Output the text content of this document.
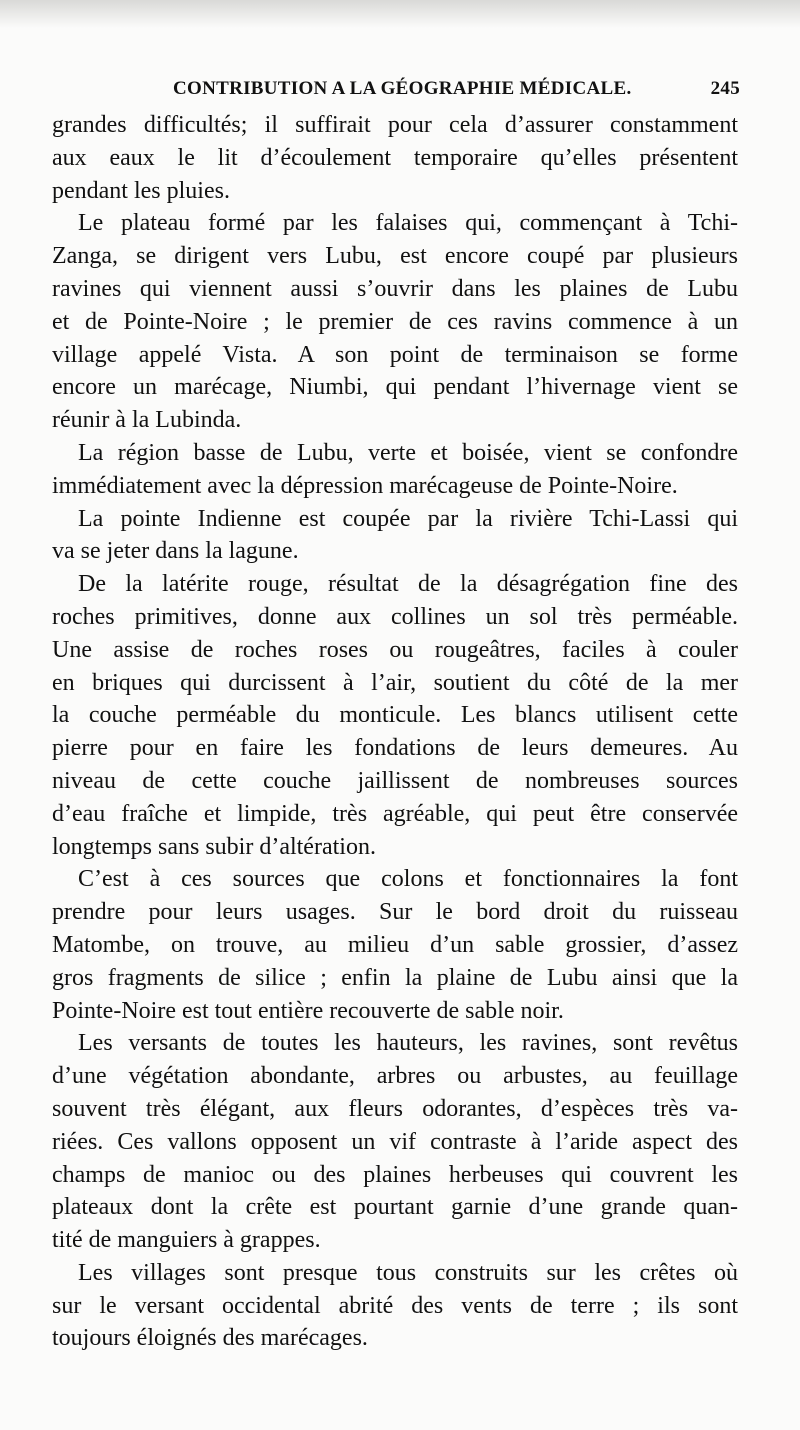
CONTRIBUTION A LA GÉOGRAPHIE MÉDICALE.	245
grandes difficultés; il suffirait pour cela d’assurer constamment
aux eaux le lit d’écoulement temporaire qu’elles présentent
pendant les pluies.
Le plateau formé par les falaises qui, commençant à Tchi-
Zanga, se dirigent vers Lubu, est encore coupé par plusieurs
ravines qui viennent aussi s’ouvrir dans les plaines de Lubu
et de Pointe-Noire ; le premier de ces ravins commence à un
village appelé Vista. A son point de terminaison se forme
encore un marécage, Niumbi, qui pendant l’hivernage vient se
réunir à la Lubinda.
La région basse de Lubu, verte et boisée, vient se confondre
immédiatement avec la dépression marécageuse de Pointe-Noire.
La pointe Indienne est coupée par la rivière Tchi-Lassi qui
va se jeter dans la lagune.
De la latérite rouge, résultat de la désagrégation fine des
roches primitives, donne aux collines un sol très perméable.
Une assise de roches roses ou rougeâtres, faciles à couler
en briques qui durcissent à l’air, soutient du côté de la mer
la couche perméable du monticule. Les blancs utilisent cette
pierre pour en faire les fondations de leurs demeures. Au
niveau de cette couche jaillissent de nombreuses sources
d’eau fraîche et limpide, très agréable, qui peut être conservée
longtemps sans subir d’altération.
C’est à ces sources que colons et fonctionnaires la font
prendre pour leurs usages. Sur le bord droit du ruisseau
Matombe, on trouve, au milieu d’un sable grossier, d’assez
gros fragments de silice ; enfin la plaine de Lubu ainsi que la
Pointe-Noire est tout entière recouverte de sable noir.
Les versants de toutes les hauteurs, les ravines, sont revêtus
d’une végétation abondante, arbres ou arbustes, au feuillage
souvent très élégant, aux fleurs odorantes, d’espèces très va-
riées. Ces vallons opposent un vif contraste à l’aride aspect des
champs de manioc ou des plaines herbeuses qui couvrent les
plateaux dont la crête est pourtant garnie d’une grande quan-
tité de manguiers à grappes.
Les villages sont presque tous construits sur les crêtes où
sur le versant occidental abrité des vents de terre ; ils sont
toujours éloignés des marécages.
